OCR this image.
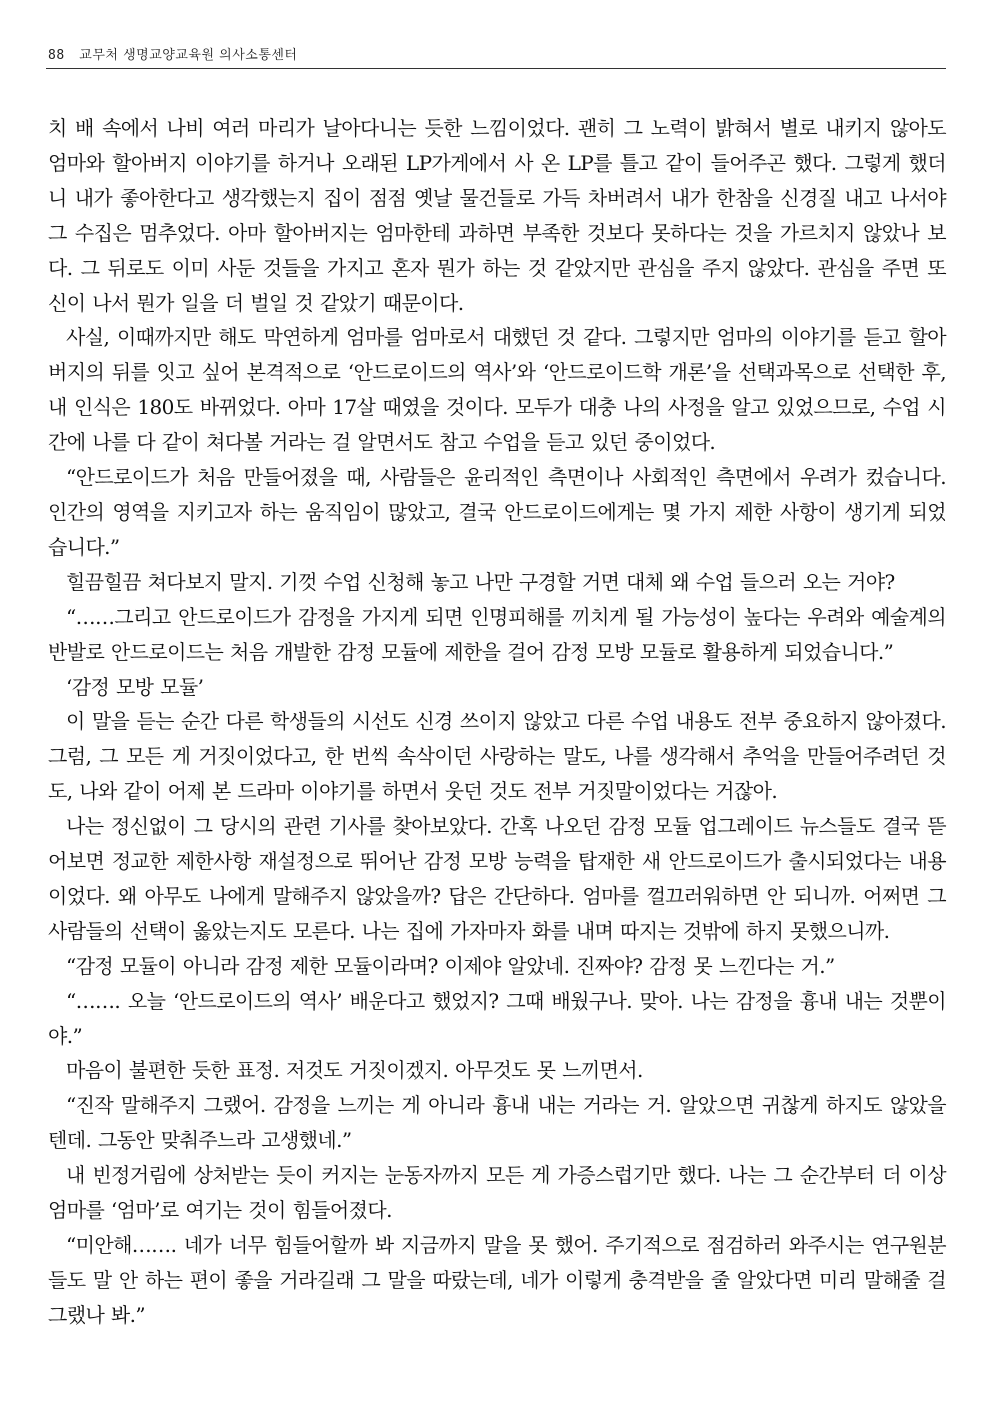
88 교무처 생명교양교육원 의사소통센터

치 배 속에서 나비 여러 마리가 날아다니는 듯한 느낌이었다. 괜히 그 노력이 밝혀서 별로 내키지 않아도 엄마와 할아버지 이야기를 하거나 오래된 LP가게에서 사 온 LP를 틀고 같이 들어주곤 했다. 그렇게 했더니 내가 좋아한다고 생각했는지 집이 점점 옛날 물건들로 가득 차버려서 내가 한참을 신경질 내고 나서야 그 수집은 멈추었다. 아마 할아버지는 엄마한테 과하면 부족한 것보다 못하다는 것을 가르치지 않았나 보다. 그 뒤로도 이미 사둔 것들을 가지고 혼자 뭔가 하는 것 같았지만 관심을 주지 않았다. 관심을 주면 또 신이 나서 뭔가 일을 더 벌일 것 같았기 때문이다.

사실, 이때까지만 해도 막연하게 엄마를 엄마로서 대했던 것 같다. 그렇지만 엄마의 이야기를 듣고 할아버지의 뒤를 잇고 싶어 본격적으로 ‘안드로이드의 역사’와 ‘안드로이드학 개론’을 선택과목으로 선택한 후, 내 인식은 180도 바뀌었다. 아마 17살 때였을 것이다. 모두가 대충 나의 사정을 알고 있었으므로, 수업 시간에 나를 다 같이 쳐다볼 거라는 걸 알면서도 참고 수업을 듣고 있던 중이었다.

“안드로이드가 처음 만들어졌을 때, 사람들은 윤리적인 측면이나 사회적인 측면에서 우려가 컸습니다. 인간의 영역을 지키고자 하는 움직임이 많았고, 결국 안드로이드에게는 몇 가지 제한 사항이 생기게 되었습니다.”

힐끔힐끔 쳐다보지 말지. 기껏 수업 신청해 놓고 나만 구경할 거면 대체 왜 수업 들으러 오는 거야?

“……그리고 안드로이드가 감정을 가지게 되면 인명피해를 끼치게 될 가능성이 높다는 우려와 예술계의 반발로 안드로이드는 처음 개발한 감정 모듈에 제한을 걸어 감정 모방 모듈로 활용하게 되었습니다.”

‘감정 모방 모듈’

이 말을 듣는 순간 다른 학생들의 시선도 신경 쓰이지 않았고 다른 수업 내용도 전부 중요하지 않아졌다. 그럼, 그 모든 게 거짓이었다고, 한 번씩 속삭이던 사랑하는 말도, 나를 생각해서 추억을 만들어주려던 것도, 나와 같이 어제 본 드라마 이야기를 하면서 웃던 것도 전부 거짓말이었다는 거잖아.

나는 정신없이 그 당시의 관련 기사를 찾아보았다. 간혹 나오던 감정 모듈 업그레이드 뉴스들도 결국 뜯어보면 정교한 제한사항 재설정으로 뛰어난 감정 모방 능력을 탑재한 새 안드로이드가 출시되었다는 내용이었다. 왜 아무도 나에게 말해주지 않았을까? 답은 간단하다. 엄마를 껄끄러워하면 안 되니까. 어쩌면 그 사람들의 선택이 옳았는지도 모른다. 나는 집에 가자마자 화를 내며 따지는 것밖에 하지 못했으니까.

“감정 모듈이 아니라 감정 제한 모듈이라며? 이제야 알았네. 진짜야? 감정 못 느낀다는 거.”

“……. 오늘 ‘안드로이드의 역사’ 배운다고 했었지? 그때 배웠구나. 맞아. 나는 감정을 흉내 내는 것뿐이야.”

마음이 불편한 듯한 표정. 저것도 거짓이겠지. 아무것도 못 느끼면서.

“진작 말해주지 그랬어. 감정을 느끼는 게 아니라 흉내 내는 거라는 거. 알았으면 귀찮게 하지도 않았을 텐데. 그동안 맞춰주느라 고생했네.”

내 빈정거림에 상처받는 듯이 커지는 눈동자까지 모든 게 가증스럽기만 했다. 나는 그 순간부터 더 이상 엄마를 ‘엄마’로 여기는 것이 힘들어졌다.

“미안해……. 네가 너무 힘들어할까 봐 지금까지 말을 못 했어. 주기적으로 점검하러 와주시는 연구원분들도 말 안 하는 편이 좋을 거라길래 그 말을 따랐는데, 네가 이렇게 충격받을 줄 알았다면 미리 말해줄 걸 그랬나 봐.”
